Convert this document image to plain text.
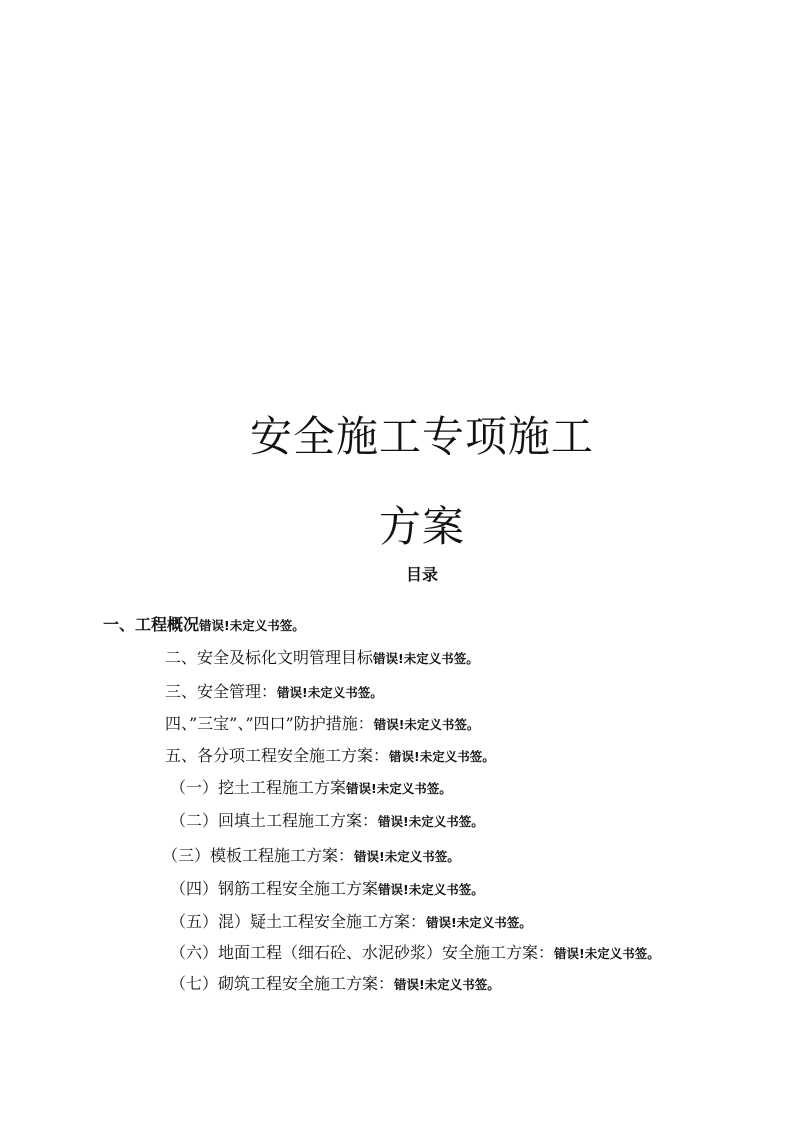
安全施工专项施工
方案
目录
一、工程概况错误!未定义书签。
二、安全及标化文明管理目标错误!未定义书签。
三、安全管理：错误!未定义书签。
四、”三宝”、”四口”防护措施：错误!未定义书签。
五、各分项工程安全施工方案：错误!未定义书签。
（一）挖土工程施工方案错误!未定义书签。
（二）回填土工程施工方案：错误!未定义书签。
（三）模板工程施工方案：错误!未定义书签。
（四）钢筋工程安全施工方案错误!未定义书签。
（五）混）疑土工程安全施工方案：错误!未定义书签。
（六）地面工程（细石砼、水泥砂浆）安全施工方案：错误!未定义书签。
（七）砌筑工程安全施工方案：错误!未定义书签。
